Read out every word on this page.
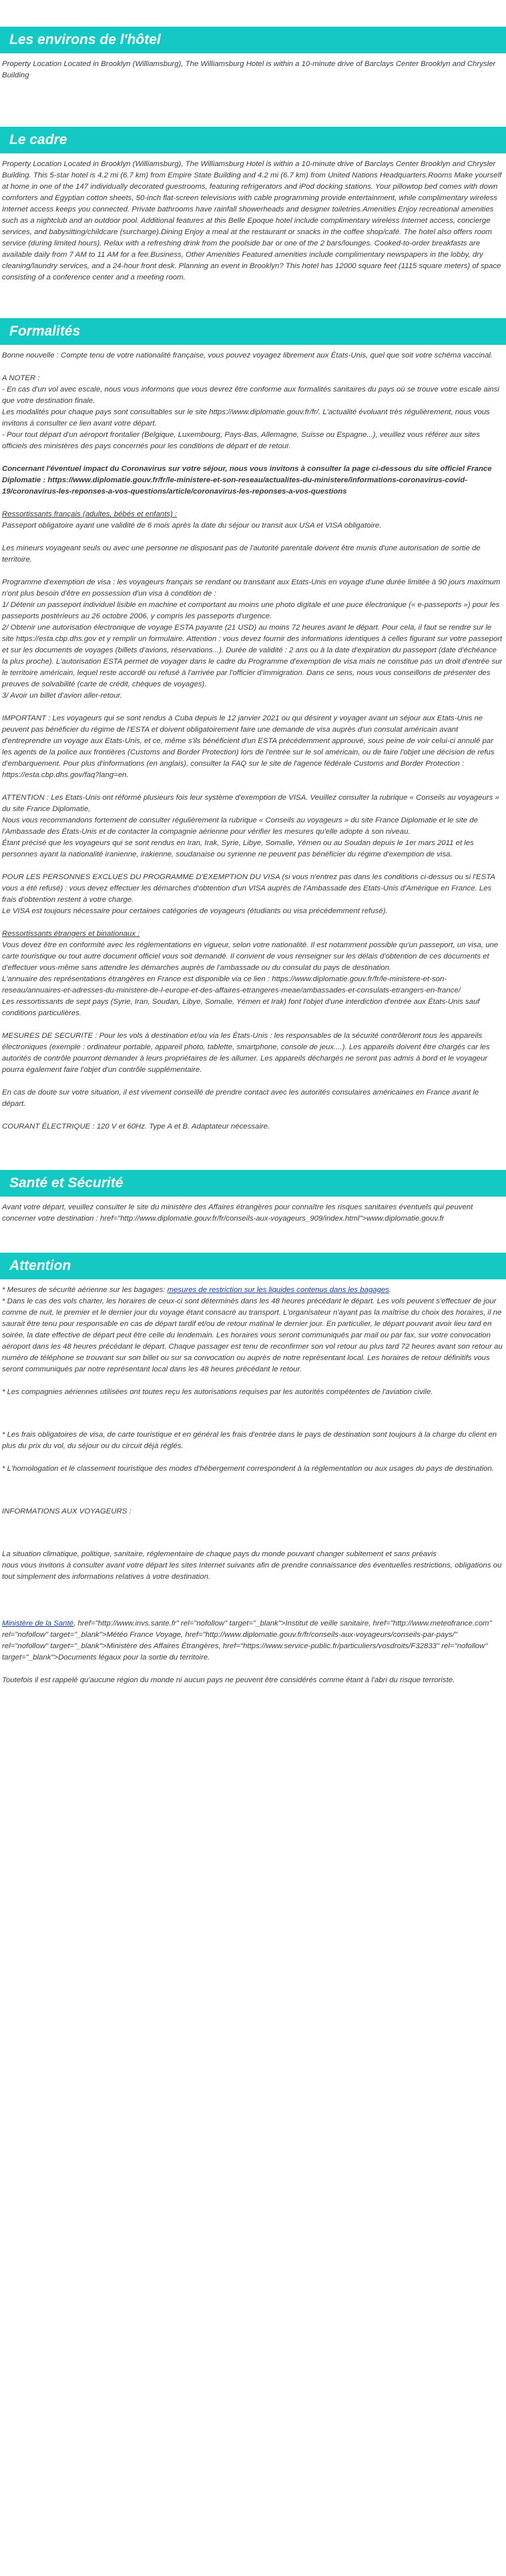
Les environs de l'hôtel

Property Location Located in Brooklyn (Williamsburg), The Williamsburg Hotel is within a 10-minute drive of Barclays Center Brooklyn and Chrysler Building

Le cadre

Property Location Located in Brooklyn (Williamsburg), The Williamsburg Hotel is within a 10-minute drive of Barclays Center Brooklyn and Chrysler Building. This 5-star hotel is 4.2 mi (6.7 km) from Empire State Building and 4.2 mi (6.7 km) from United Nations Headquarters.Rooms Make yourself at home in one of the 147 individually decorated guestrooms, featuring refrigerators and iPod docking stations. Your pillowtop bed comes with down comforters and Egyptian cotton sheets, 50-inch flat-screen televisions with cable programming provide entertainment, while complimentary wireless Internet access keeps you connected. Private bathrooms have rainfall showerheads and designer toiletries.Amenities Enjoy recreational amenities such as a nightclub and an outdoor pool. Additional features at this Belle Epoque hotel include complimentary wireless Internet access, concierge services, and babysitting/childcare (surcharge).Dining Enjoy a meal at the restaurant or snacks in the coffee shop/café. The hotel also offers room service (during limited hours). Relax with a refreshing drink from the poolside bar or one of the 2 bars/lounges. Cooked-to-order breakfasts are available daily from 7 AM to 11 AM for a fee.Business, Other Amenities Featured amenities include complimentary newspapers in the lobby, dry cleaning/laundry services, and a 24-hour front desk. Planning an event in Brooklyn? This hotel has 12000 square feet (1115 square meters) of space consisting of a conference center and a meeting room.

Formalités

Bonne nouvelle : Compte tenu de votre nationalité française, vous pouvez voyagez librement aux États-Unis, quel que soit votre schéma vaccinal.

A NOTER :
- En cas d'un vol avec escale, nous vous informons que vous devrez être conforme aux formalités sanitaires du pays où se trouve votre escale ainsi que votre destination finale.
Les modalités pour chaque pays sont consultables sur le site https://www.diplomatie.gouv.fr/fr/. L'actualité évoluant très régulièrement, nous vous invitons à consulter ce lien avant votre départ.
- Pour tout départ d'un aéroport frontalier (Belgique, Luxembourg, Pays-Bas, Allemagne, Suisse ou Espagne...), veuillez vous référer aux sites officiels des ministères des pays concernés pour les conditions de départ et de retour.

Concernant l'éventuel impact du Coronavirus sur votre séjour, nous vous invitons à consulter la page ci-dessous du site officiel France Diplomatie : https://www.diplomatie.gouv.fr/fr/le-ministere-et-son-reseau/actualites-du-ministere/informations-coronavirus-covid-19/coronavirus-les-reponses-a-vos-questions/article/coronavirus-les-reponses-a-vos-questions

Ressortissants français (adultes, bébés et enfants) :
Passeport obligatoire ayant une validité de 6 mois après la date du séjour ou transit aux USA et VISA obligatoire.

Les mineurs voyageant seuls ou avec une personne ne disposant pas de l'autorité parentale doivent être munis d'une autorisation de sortie de territoire.

Programme d'exemption de visa : les voyageurs français se rendant ou transitant aux Etats-Unis en voyage d'une durée limitée à 90 jours maximum n'ont plus besoin d'être en possession d'un visa à condition de :
1/ Détenir un passeport individuel lisible en machine et comportant au moins une photo digitale et une puce électronique (« e-passeports ») pour les passeports postérieurs au 26 octobre 2006, y compris les passeports d'urgence.
2/ Obtenir une autorisation électronique de voyage ESTA payante (21 USD) au moins 72 heures avant le départ. Pour cela, il faut se rendre sur le site https://esta.cbp.dhs.gov et y remplir un formulaire. Attention : vous devez fournir des informations identiques à celles figurant sur votre passeport et sur les documents de voyages (billets d'avions, réservations...). Durée de validité : 2 ans ou à la date d'expiration du passeport (date d'échéance la plus proche). L'autorisation ESTA permet de voyager dans le cadre du Programme d'exemption de visa mais ne constitue pas un droit d'entrée sur le territoire américain, lequel reste accordé ou refusé à l'arrivée par l'officier d'immigration. Dans ce sens, nous vous conseillons de présenter des preuves de solvabilité (carte de crédit, chèques de voyages).
3/ Avoir un billet d'avion aller-retour.

IMPORTANT : Les voyageurs qui se sont rendus à Cuba depuis le 12 janvier 2021 ou qui désirent y voyager avant un séjour aux Etats-Unis ne peuvent pas bénéficier du régime de l'ESTA et doivent obligatoirement faire une demande de visa auprès d'un consulat américain avant d'entreprendre un voyage aux Etats-Unis, et ce, même s'ils bénéficient d'un ESTA précédemment approuvé, sous peine de voir celui-ci annulé par les agents de la police aux frontières (Customs and Border Protection) lors de l'entrée sur le sol américain, ou de faire l'objet une décision de refus d'embarquement. Pour plus d'informations (en anglais), consulter la FAQ sur le site de l'agence fédérale Customs and Border Protection : https://esta.cbp.dhs.gov/faq?lang=en.

ATTENTION : Les Etats-Unis ont réformé plusieurs fois leur système d'exemption de VISA. Veuillez consulter la rubrique « Conseils au voyageurs » du site France Diplomatie,
Nous vous recommandons fortement de consulter régulièrement la rubrique « Conseils au voyageurs » du site France Diplomatie et le site de l'Ambassade des États-Unis et de contacter la compagnie aérienne pour vérifier les mesures qu'elle adopte à son niveau.
Étant précisé que les voyageurs qui se sont rendus en Iran, Irak, Syrie, Libye, Somalie, Yémen ou au Soudan depuis le 1er mars 2011 et les personnes ayant la nationalité iranienne, irakienne, soudanaise ou syrienne ne peuvent pas bénéficier du régime d'exemption de visa.
POUR LES PERSONNES EXCLUES DU PROGRAMME D'EXEMPTION DU VISA (si vous n'entrez pas dans les conditions ci-dessus ou si l'ESTA vous a été refusé) : vous devez effectuer les démarches d'obtention d'un VISA auprès de l'Ambassade des Etats-Unis d'Amérique en France. Les frais d'obtention restent à votre charge.
Le VISA est toujours nécessaire pour certaines catégories de voyageurs (étudiants ou visa précédemment refusé).
Ressortissants étrangers et binationaux :
Vous devez être en conformité avec les réglementations en vigueur, selon votre nationalité. Il est notamment possible qu'un passeport, un visa, une carte touristique ou tout autre document officiel vous soit demandé. Il convient de vous renseigner sur les délais d'obtention de ces documents et d'effectuer vous-même sans attendre les démarches auprès de l'ambassade ou du consulat du pays de destination.
L'annuaire des représentations étrangères en France est disponible via ce lien : https://www.diplomatie.gouv.fr/fr/le-ministere-et-son-reseau/annuaires-et-adresses-du-ministere-de-l-europe-et-des-affaires-etrangeres-meae/ambassades-et-consulats-etrangers-en-france/
Les ressortissants de sept pays (Syrie, Iran, Soudan, Libye, Somalie, Yémen et Irak) font l'objet d'une interdiction d'entrée aux États-Unis sauf conditions particulières.

MESURES DE SECURITE : Pour les vols à destination et/ou via les États-Unis : les responsables de la sécurité contrôleront tous les appareils électroniques (exemple : ordinateur portable, appareil photo, tablette, smartphone, console de jeux....). Les appareils doivent être chargés car les autorités de contrôle pourront demander à leurs propriétaires de les allumer. Les appareils déchargés ne seront pas admis à bord et le voyageur pourra également faire l'objet d'un contrôle supplémentaire.

En cas de doute sur votre situation, il est vivement conseillé de prendre contact avec les autorités consulaires américaines en France avant le départ.

COURANT ÉLECTRIQUE : 120 V et 60Hz. Type A et B. Adaptateur nécessaire.

Santé et Sécurité

Avant votre départ, veuillez consulter le site du ministère des Affaires étrangères pour connaître les risques sanitaires éventuels qui peuvent concerner votre destination : href="http://www.diplomatie.gouv.fr/fr/conseils-aux-voyageurs_909/index.html">www.diplomatie.gouv.fr

Attention

* Mesures de sécurité aérienne sur les bagages: mesures de restriction sur les liquides contenus dans les bagages.

* Dans le cas des vols charter, les horaires de ceux-ci sont déterminés dans les 48 heures précédant le départ. Les vols peuvent s'effectuer de jour comme de nuit, le premier et le dernier jour du voyage étant consacré au transport. L'organisateur n'ayant pas la maîtrise du choix des horaires, il ne saurait être tenu pour responsable en cas de départ tardif et/ou de retour matinal le dernier jour. En particulier, le départ pouvant avoir lieu tard en soirée, la date effective de départ peut être celle du lendemain. Les horaires vous seront communiqués par mail ou par fax, sur votre convocation aéroport dans les 48 heures précédant le départ. Chaque passager est tenu de reconfirmer son vol retour au plus tard 72 heures avant son retour au numéro de téléphone se trouvant sur son billet ou sur sa convocation ou auprès de notre représentant local. Les horaires de retour définitifs vous seront communiqués par notre représentant local dans les 48 heures précédant le retour.

* Les compagnies aériennes utilisées ont toutes reçu les autorisations requises par les autorités compétentes de l'aviation civile.

* Les frais obligatoires de visa, de carte touristique et en général les frais d'entrée dans le pays de destination sont toujours à la charge du client en plus du prix du vol, du séjour ou du circuit déjà réglés.

* L'homologation et le classement touristique des modes d'hébergement correspondent à la réglementation ou aux usages du pays de destination.

INFORMATIONS AUX VOYAGEURS :

La situation climatique, politique, sanitaire, réglementaire de chaque pays du monde pouvant changer subitement et sans préavis
nous vous invitons à consulter avant votre départ les sites Internet suivants afin de prendre connaissance des éventuelles restrictions, obligations ou tout simplement des informations relatives à votre destination.

Ministère de la Santé, href="http://www.invs.sante.fr" rel="nofollow" target="_blank">Institut de veille sanitaire, href="http://www.meteofrance.com" rel="nofollow" target="_blank">Météo France Voyage, href="http://www.diplomatie.gouv.fr/fr/conseils-aux-voyageurs/conseils-par-pays/" rel="nofollow" target="_blank">Ministère des Affaires Étrangères, href="https://www.service-public.fr/particuliers/vosdroits/F32833" rel="nofollow" target="_blank">Documents légaux pour la sortie du territoire.

Toutefois il est rappelé qu'aucune région du monde ni aucun pays ne peuvent être considérés comme étant à l'abri du risque terroriste.
